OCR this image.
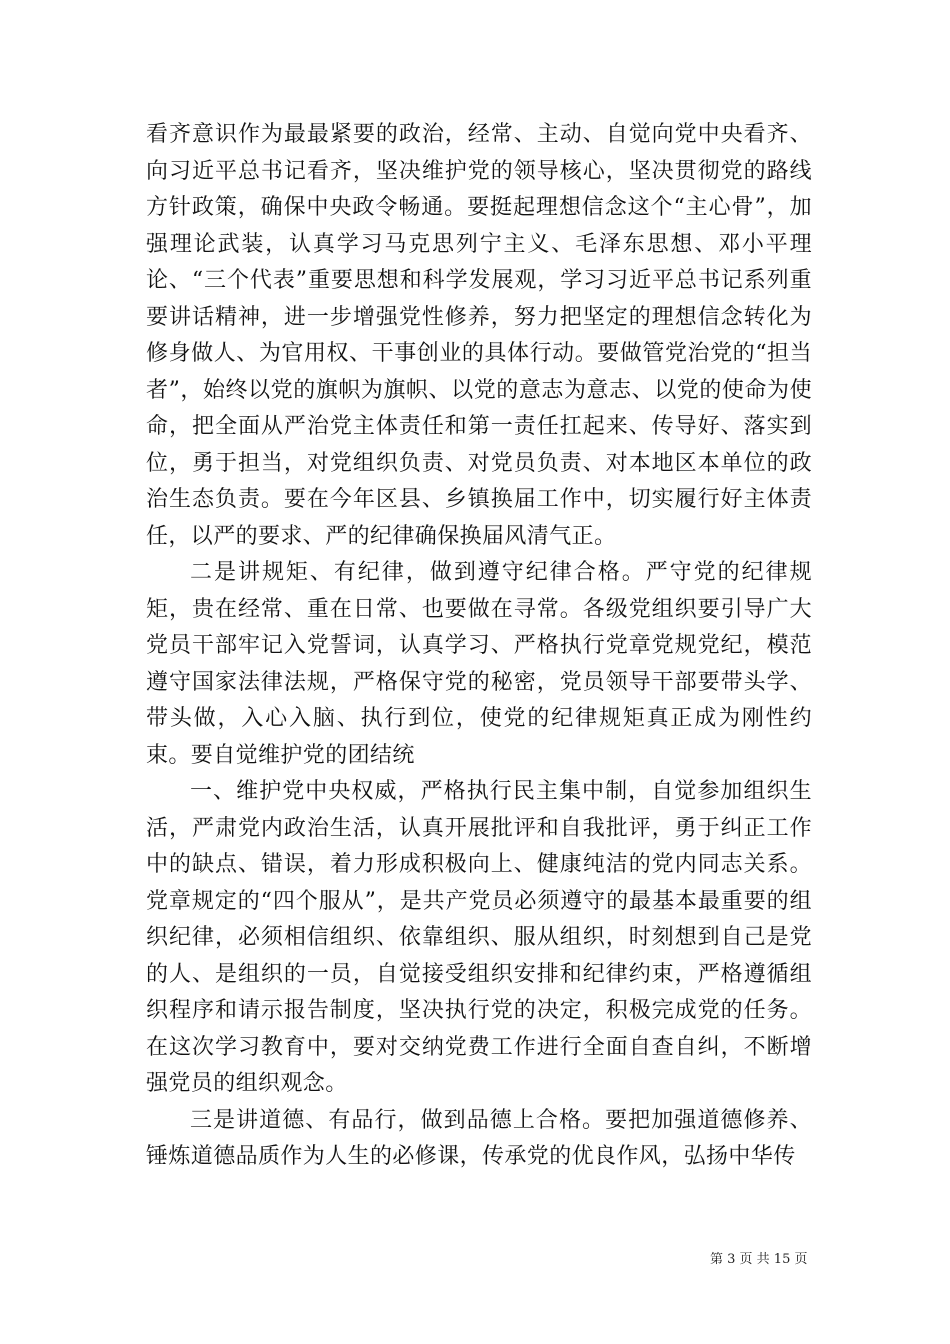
看齐意识作为最最紧要的政治，经常、主动、自觉向党中央看齐、向习近平总书记看齐，坚决维护党的领导核心，坚决贯彻党的路线方针政策，确保中央政令畅通。要挺起理想信念这个“主心骨”，加强理论武装，认真学习马克思列宁主义、毛泽东思想、邓小平理论、“三个代表”重要思想和科学发展观，学习习近平总书记系列重要讲话精神，进一步增强党性修养，努力把坚定的理想信念转化为修身做人、为官用权、干事创业的具体行动。要做管党治党的“担当者”，始终以党的旗帜为旗帜、以党的意志为意志、以党的使命为使命，把全面从严治党主体责任和第一责任扛起来、传导好、落实到位，勇于担当，对党组织负责、对党员负责、对本地区本单位的政治生态负责。要在今年区县、乡镇换届工作中，切实履行好主体责任，以严的要求、严的纪律确保换届风清气正。

二是讲规矩、有纪律，做到遵守纪律合格。严守党的纪律规矩，贵在经常、重在日常、也要做在寻常。各级党组织要引导广大党员干部牢记入党誓词，认真学习、严格执行党章党规党纪，模范遵守国家法律法规，严格保守党的秘密，党员领导干部要带头学、带头做，入心入脑、执行到位，使党的纪律规矩真正成为刚性约束。要自觉维护党的团结统

一、维护党中央权威，严格执行民主集中制，自觉参加组织生活，严肃党内政治生活，认真开展批评和自我批评，勇于纠正工作中的缺点、错误，着力形成积极向上、健康纯洁的党内同志关系。党章规定的“四个服从”，是共产党员必须遵守的最基本最重要的组织纪律，必须相信组织、依靠组织、服从组织，时刻想到自己是党的人、是组织的一员，自觉接受组织安排和纪律约束，严格遵循组织程序和请示报告制度，坚决执行党的决定，积极完成党的任务。在这次学习教育中，要对交纳党费工作进行全面自查自纠，不断增强党员的组织观念。

三是讲道德、有品行，做到品德上合格。要把加强道德修养、锤炼道德品质作为人生的必修课，传承党的优良作风，弘扬中华传

第 3 页 共 15 页
